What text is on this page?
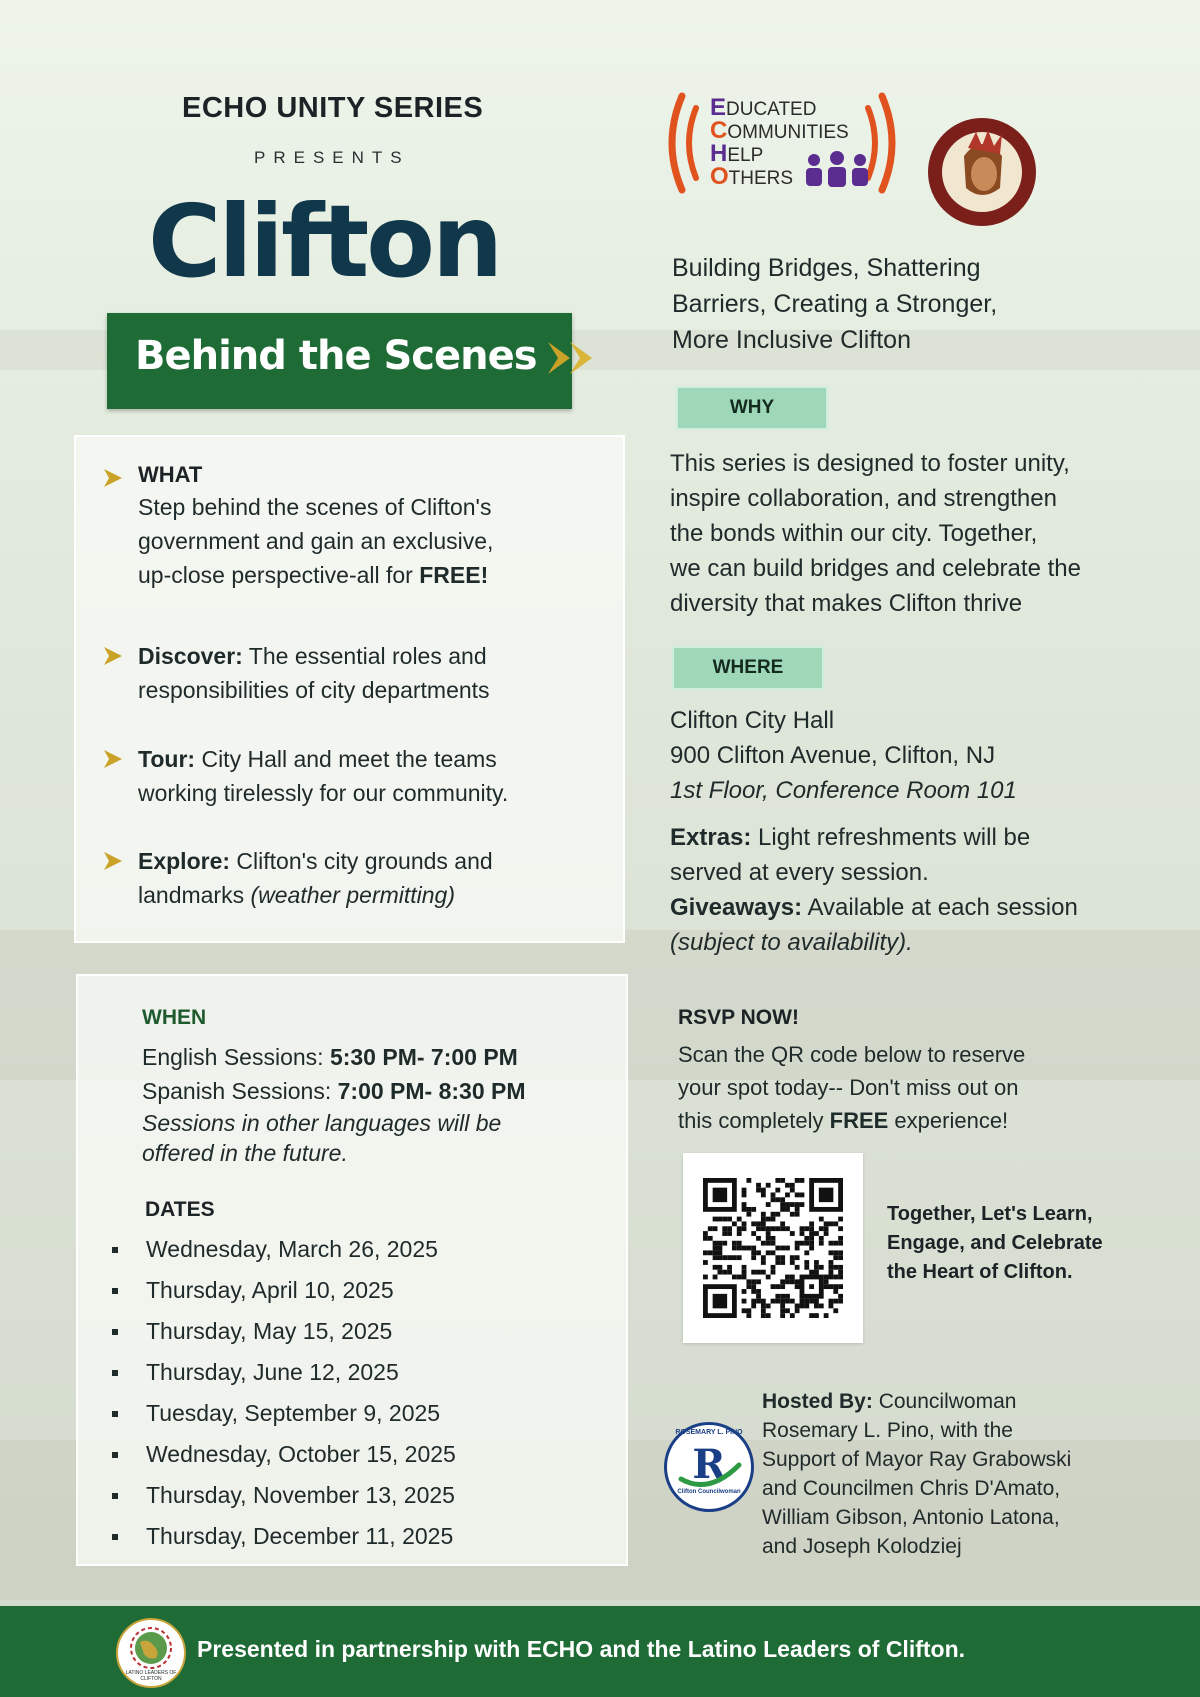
ECHO UNITY SERIES
PRESENTS
Clifton
Behind the Scenes
EDUCATED
COMMUNITIES
HELP
OTHERS
Building Bridges, Shattering
Barriers, Creating a Stronger,
More Inclusive Clifton
WHAT
Step behind the scenes of Clifton's
government and gain an exclusive,
up-close perspective-all for FREE!
Discover: The essential roles and
responsibilities of city departments
Tour: City Hall and meet the teams
working tirelessly for our community.
Explore: Clifton's city grounds and
landmarks (weather permitting)
WHY
This series is designed to foster unity,
inspire collaboration, and strengthen
the bonds within our city. Together,
we can build bridges and celebrate the
diversity that makes Clifton thrive
WHERE
Clifton City Hall
900 Clifton Avenue, Clifton, NJ
1st Floor, Conference Room 101
Extras: Light refreshments will be
served at every session.
Giveaways: Available at each session
(subject to availability).
WHEN
English Sessions: 5:30 PM- 7:00 PM
Spanish Sessions: 7:00 PM- 8:30 PM
Sessions in other languages will be
offered in the future.
DATES
Wednesday, March 26, 2025
Thursday, April 10, 2025
Thursday, May 15, 2025
Thursday, June 12, 2025
Tuesday, September 9, 2025
Wednesday, October 15, 2025
Thursday, November 13, 2025
Thursday, December 11, 2025
RSVP NOW!
Scan the QR code below to reserve
your spot today-- Don't miss out on
this completely FREE experience!
Together, Let's Learn,
Engage, and Celebrate
the Heart of Clifton.
ROSEMARY L. PINO
R
Clifton Councilwoman
Hosted By: Councilwoman
Rosemary L. Pino, with the
Support of Mayor Ray Grabowski
and Councilmen Chris D'Amato,
William Gibson, Antonio Latona,
and Joseph Kolodziej
LATINO LEADERS OF CLIFTON
Presented in partnership with ECHO and the Latino Leaders of Clifton.
